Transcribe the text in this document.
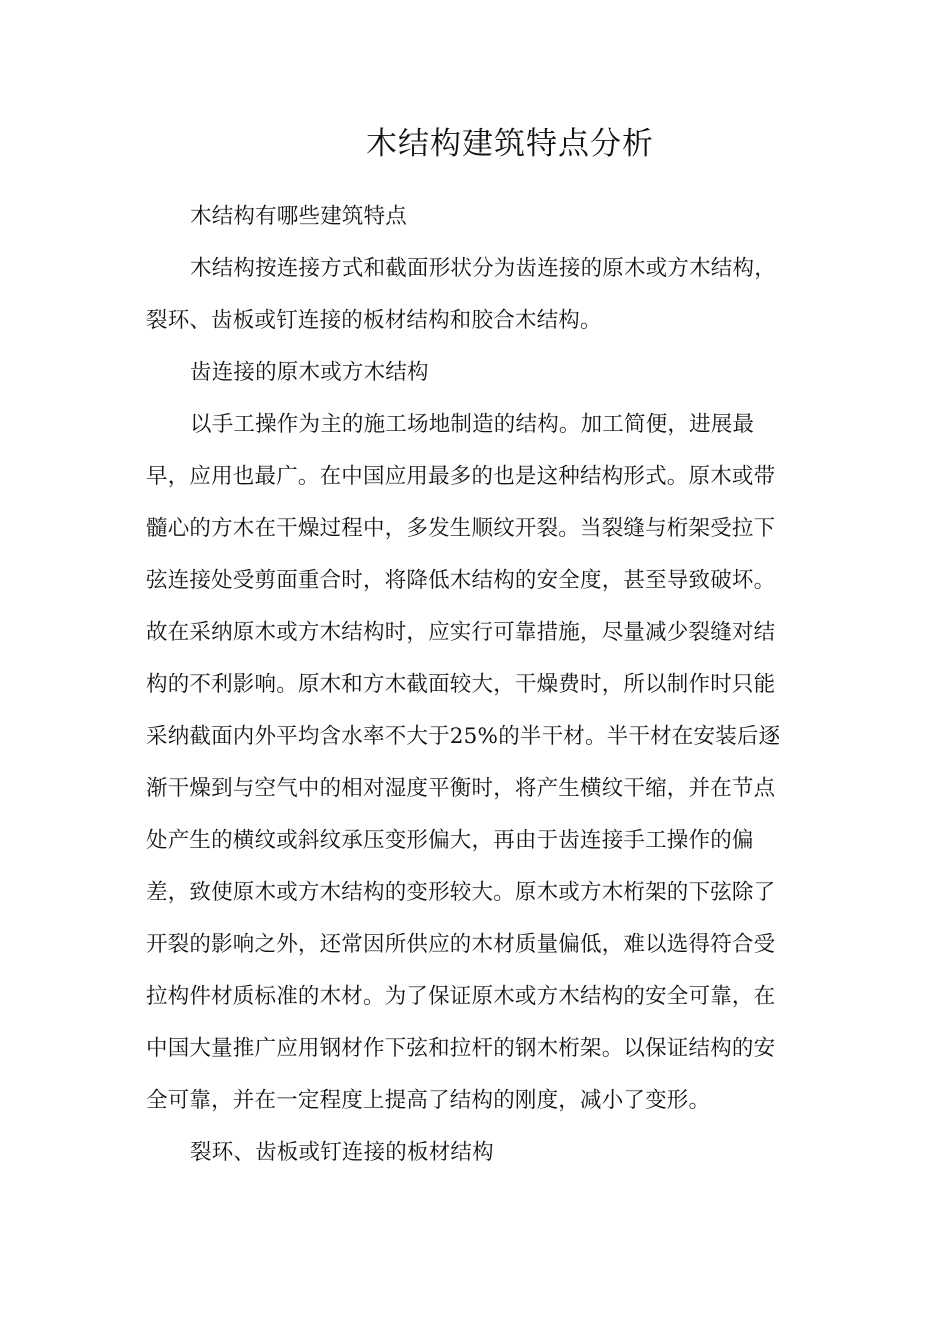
木结构建筑特点分析

木结构有哪些建筑特点

木结构按连接方式和截面形状分为齿连接的原木或方木结构，
裂环、齿板或钉连接的板材结构和胶合木结构。

齿连接的原木或方木结构

以手工操作为主的施工场地制造的结构。加工简便，进展最
早，应用也最广。在中国应用最多的也是这种结构形式。原木或带
髓心的方木在干燥过程中，多发生顺纹开裂。当裂缝与桁架受拉下
弦连接处受剪面重合时，将降低木结构的安全度，甚至导致破坏。
故在采纳原木或方木结构时，应实行可靠措施，尽量减少裂缝对结
构的不利影响。原木和方木截面较大，干燥费时，所以制作时只能
采纳截面内外平均含水率不大于25%的半干材。半干材在安装后逐
渐干燥到与空气中的相对湿度平衡时，将产生横纹干缩，并在节点
处产生的横纹或斜纹承压变形偏大，再由于齿连接手工操作的偏
差，致使原木或方木结构的变形较大。原木或方木桁架的下弦除了
开裂的影响之外，还常因所供应的木材质量偏低，难以选得符合受
拉构件材质标准的木材。为了保证原木或方木结构的安全可靠，在
中国大量推广应用钢材作下弦和拉杆的钢木桁架。以保证结构的安
全可靠，并在一定程度上提高了结构的刚度，减小了变形。

裂环、齿板或钉连接的板材结构
